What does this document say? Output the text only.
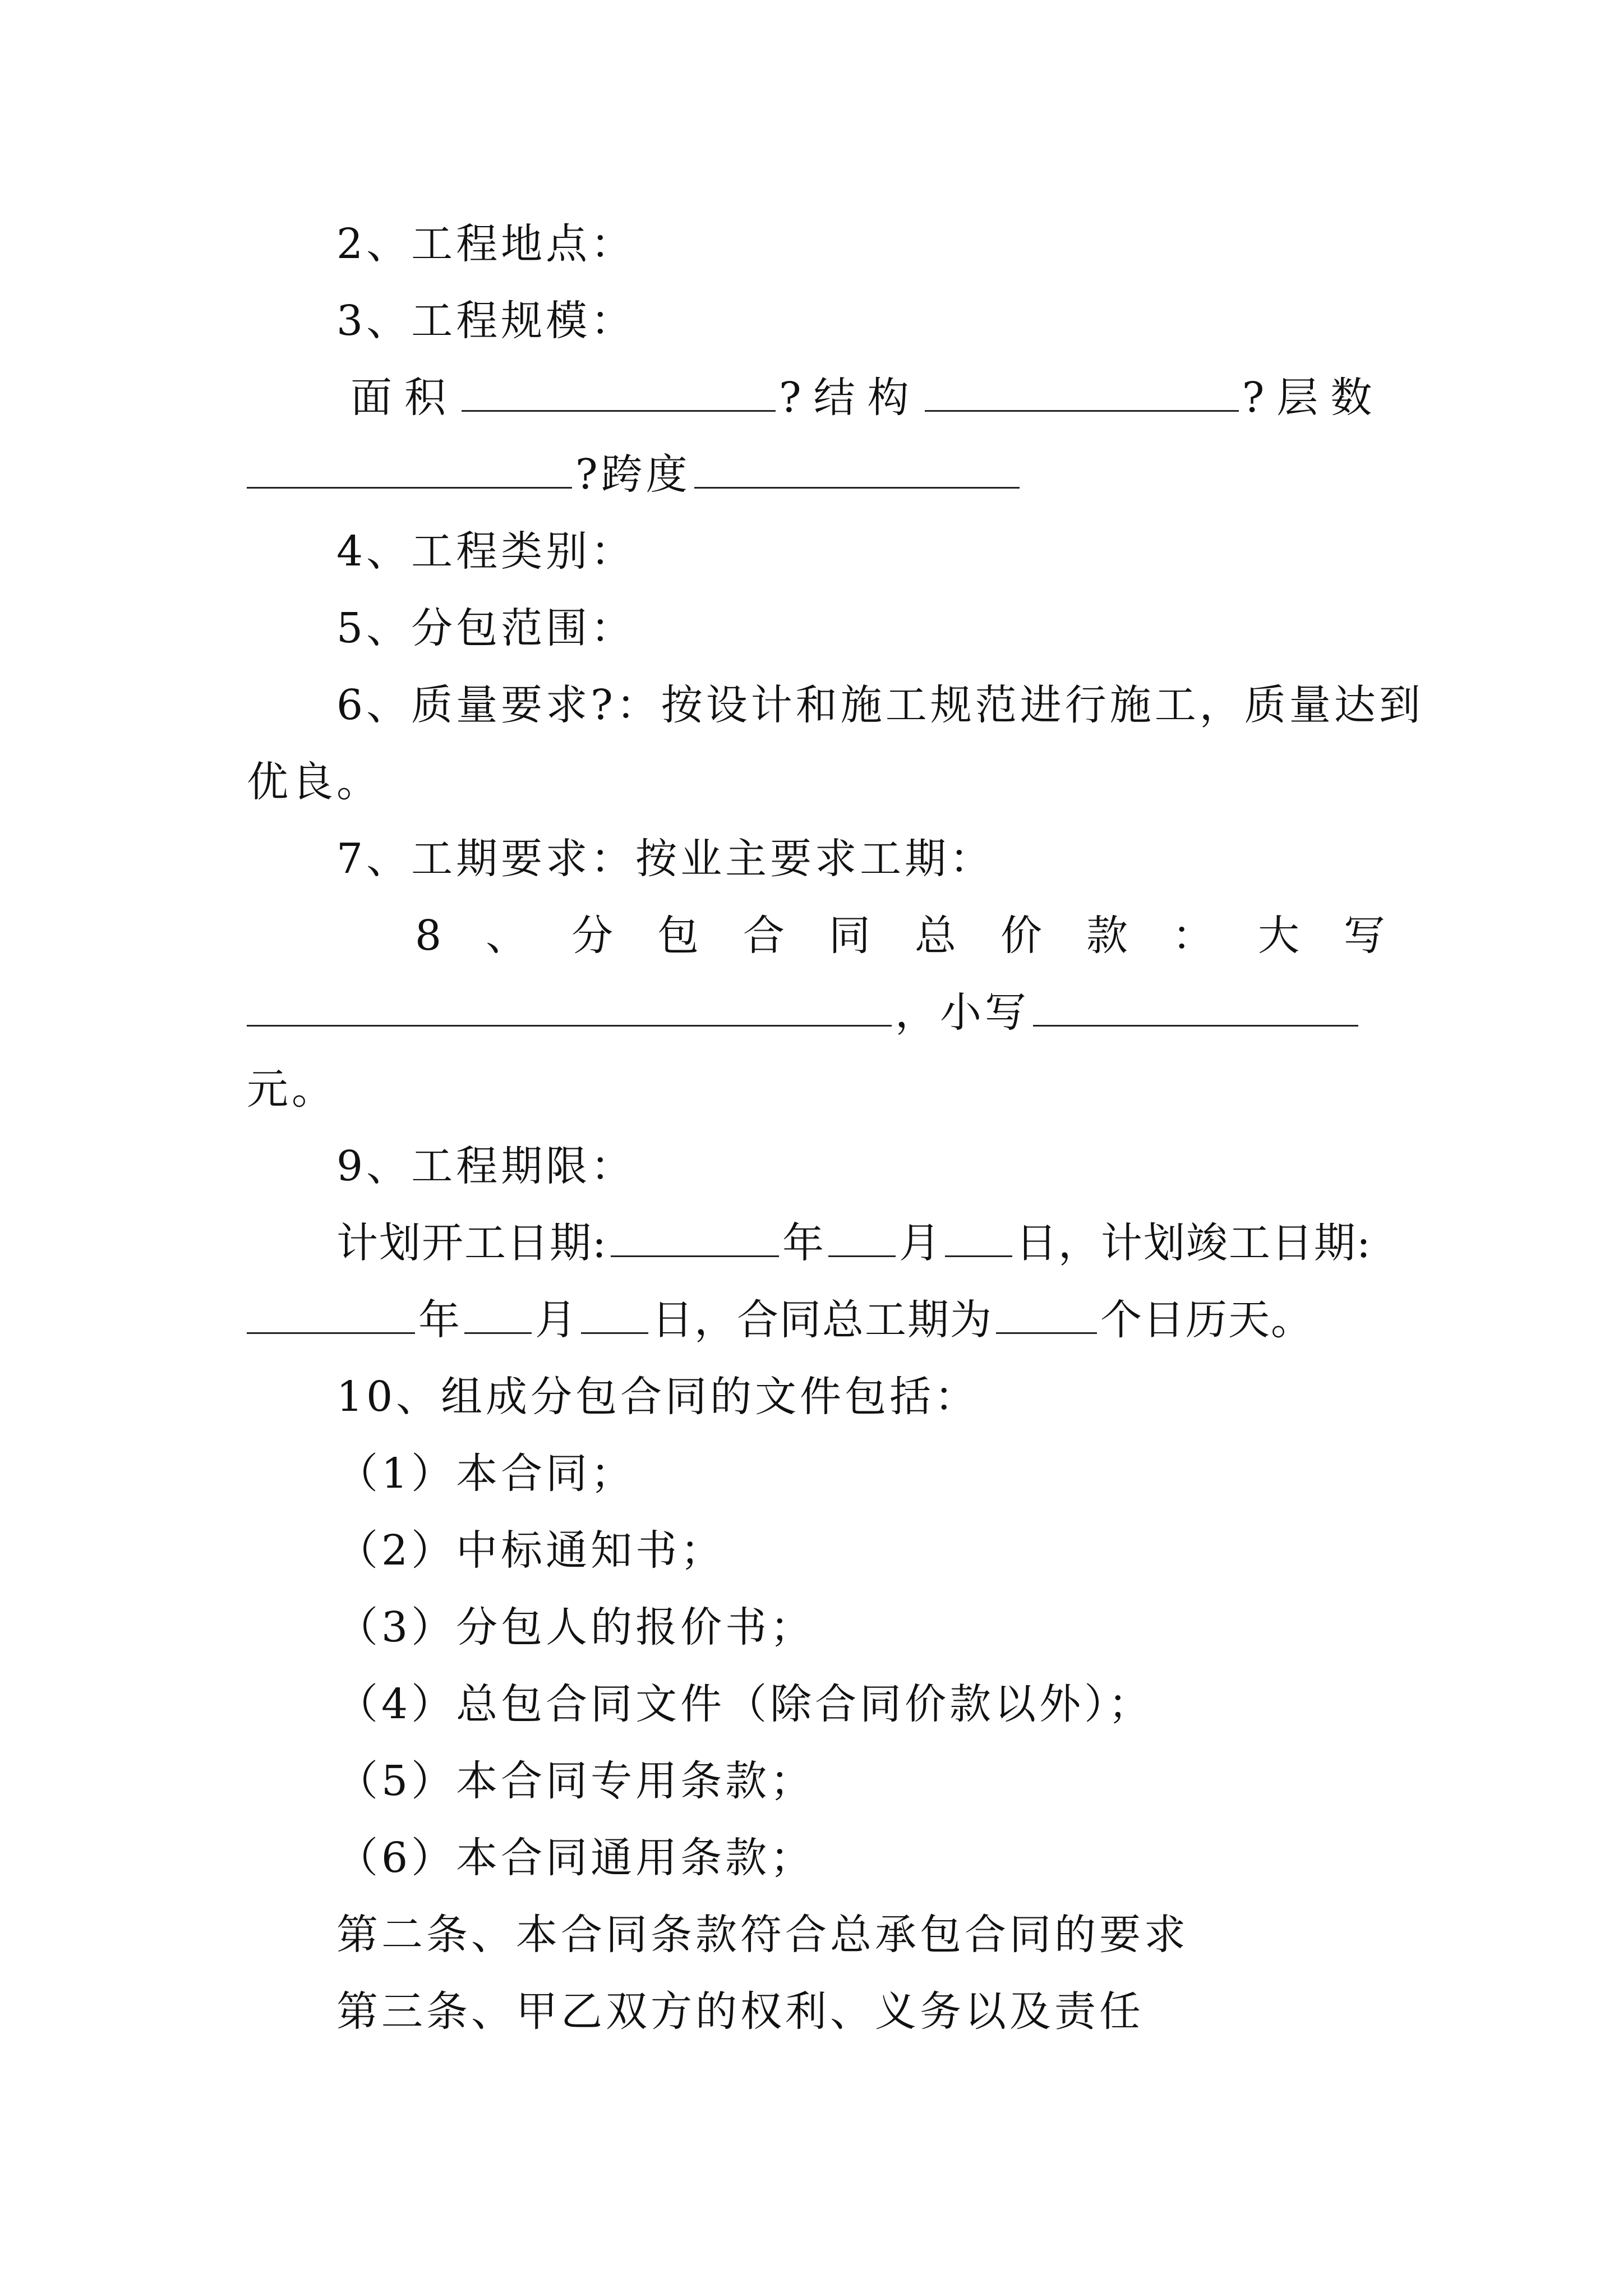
2、工程地点：
3、工程规模：
面积	?结构	?层数
?跨度
4、工程类别：
5、分包范围：
6、质量要求?：按设计和施工规范进行施工，质量达到
优良。
7、工期要求：按业主要求工期：
8 、 分 包 合 同 总 价 款 ： 大 写
，小写
元。
9、工程期限：
计划开工日期:	年 月 日，计划竣工日期:
年 月 日，合同总工期为	个日历天。
10、组成分包合同的文件包括：
（1）本合同；
（2）中标通知书；
（3）分包人的报价书；
（4）总包合同文件（除合同价款以外）；
（5）本合同专用条款；
（6）本合同通用条款；
第二条、本合同条款符合总承包合同的要求
第三条、甲乙双方的权利、义务以及责任
